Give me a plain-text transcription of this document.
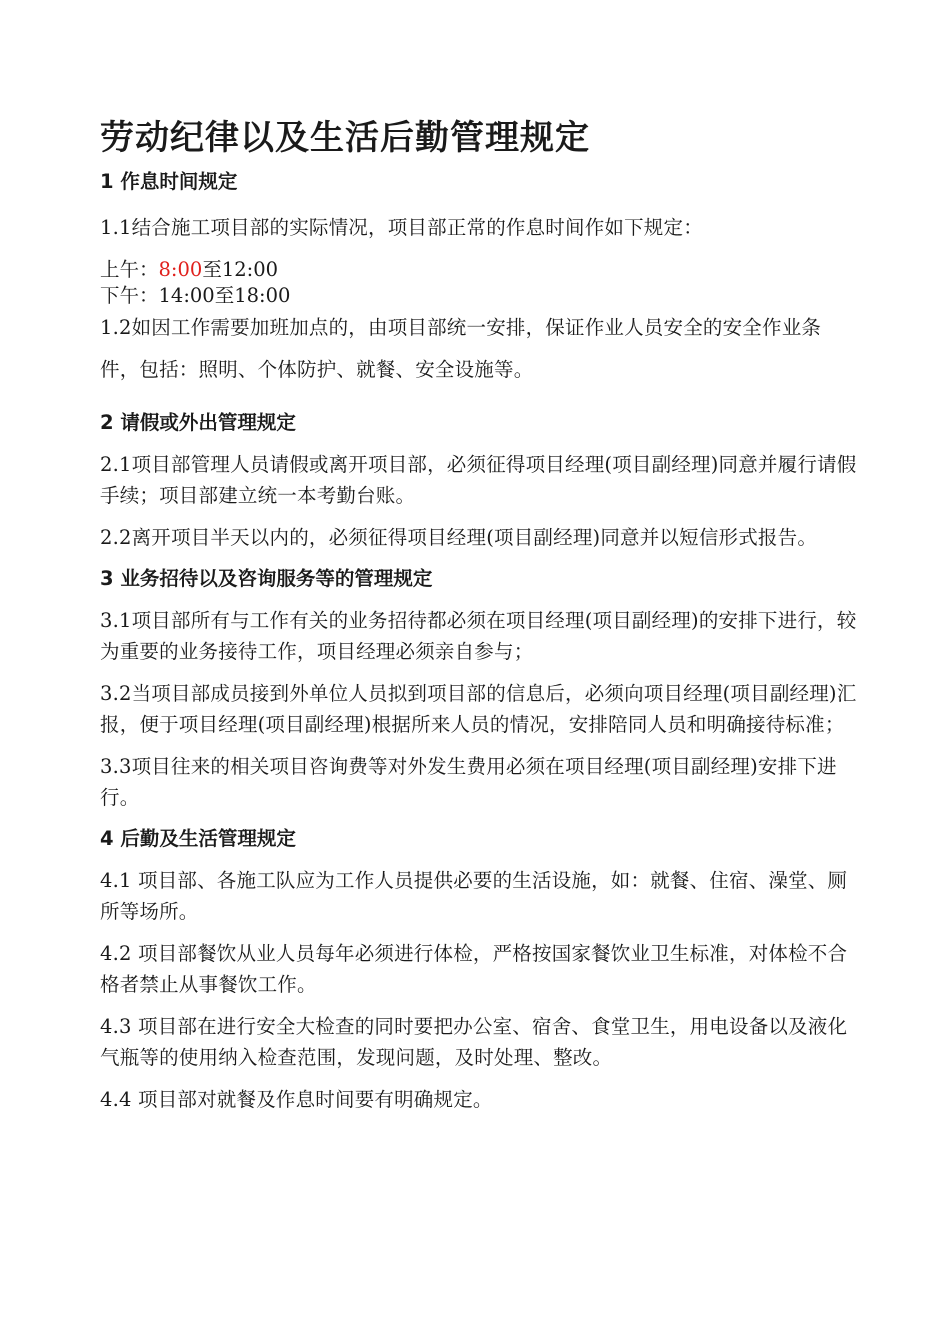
劳动纪律以及生活后勤管理规定
1 作息时间规定

1.1结合施工项目部的实际情况，项目部正常的作息时间作如下规定：

上午：8:00至12:00
下午：14:00至18:00

1.2如因工作需要加班加点的，由项目部统一安排，保证作业人员安全的安全作业条件，包括：照明、个体防护、就餐、安全设施等。

2 请假或外出管理规定

2.1项目部管理人员请假或离开项目部，必须征得项目经理(项目副经理)同意并履行请假手续；项目部建立统一本考勤台账。

2.2离开项目半天以内的，必须征得项目经理(项目副经理)同意并以短信形式报告。

3 业务招待以及咨询服务等的管理规定

3.1项目部所有与工作有关的业务招待都必须在项目经理(项目副经理)的安排下进行，较为重要的业务接待工作，项目经理必须亲自参与；

3.2当项目部成员接到外单位人员拟到项目部的信息后，必须向项目经理(项目副经理)汇报，便于项目经理(项目副经理)根据所来人员的情况，安排陪同人员和明确接待标准；

3.3项目往来的相关项目咨询费等对外发生费用必须在项目经理(项目副经理)安排下进行。

4 后勤及生活管理规定

4.1 项目部、各施工队应为工作人员提供必要的生活设施，如：就餐、住宿、澡堂、厕所等场所。

4.2 项目部餐饮从业人员每年必须进行体检，严格按国家餐饮业卫生标准，对体检不合格者禁止从事餐饮工作。

4.3 项目部在进行安全大检查的同时要把办公室、宿舍、食堂卫生，用电设备以及液化气瓶等的使用纳入检查范围，发现问题，及时处理、整改。

4.4 项目部对就餐及作息时间要有明确规定。
